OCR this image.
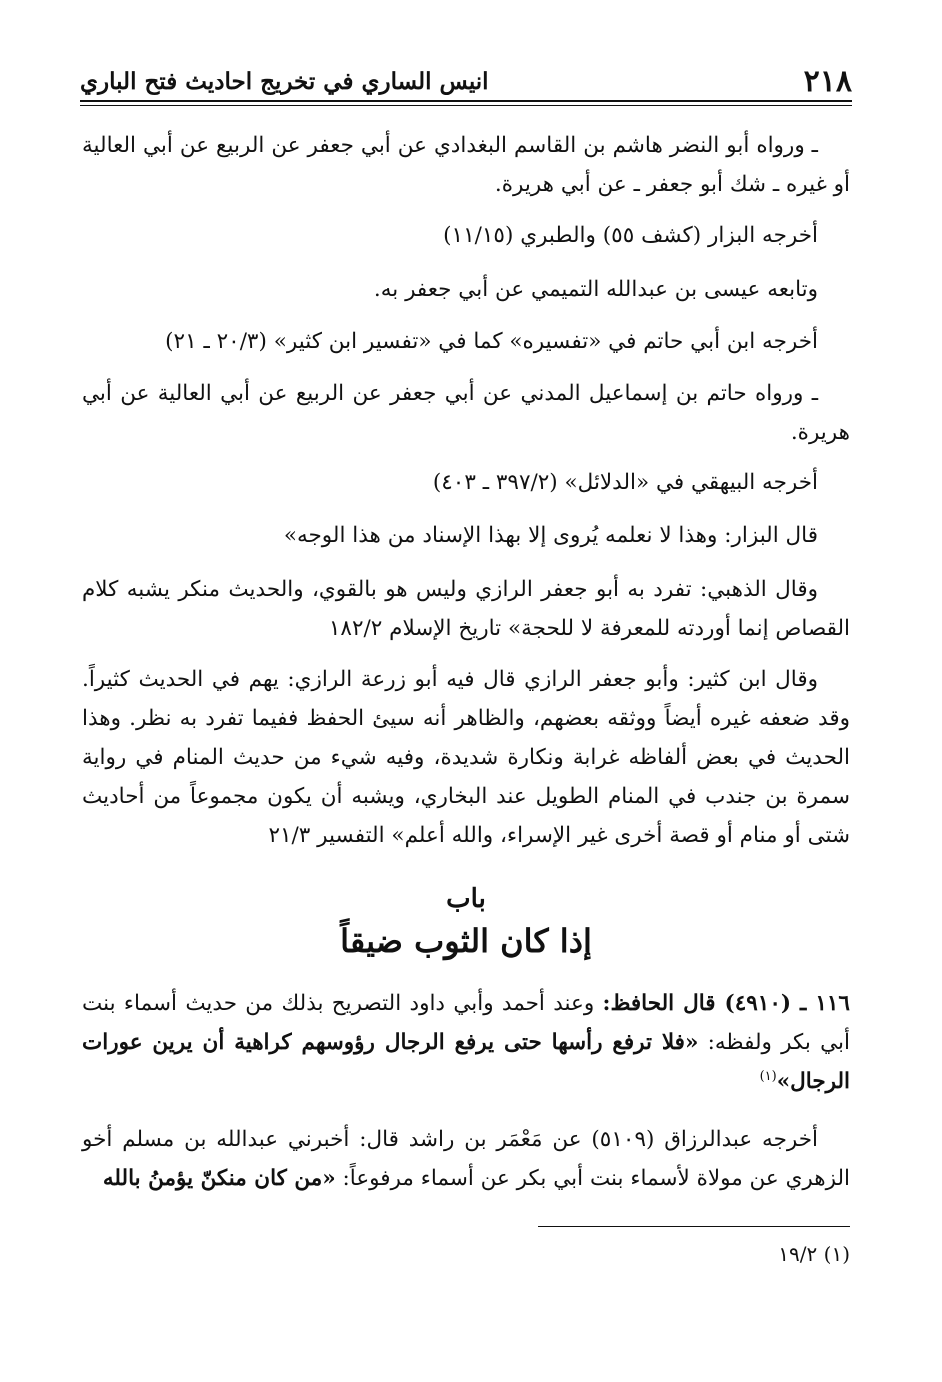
٢١٨
انيس الساري في تخريج احاديث فتح الباري

ـ ورواه أبو النضر هاشم بن القاسم البغدادي عن أبي جعفر عن الربيع عن أبي العالية أو غيره ـ شك أبو جعفر ـ عن أبي هريرة.

أخرجه البزار (كشف ٥٥) والطبري (١١/١٥)

وتابعه عيسى بن عبدالله التميمي عن أبي جعفر به.

أخرجه ابن أبي حاتم في «تفسيره» كما في «تفسير ابن كثير» (٢٠/٣ ـ ٢١)

ـ ورواه حاتم بن إسماعيل المدني عن أبي جعفر عن الربيع عن أبي العالية عن أبي هريرة.

أخرجه البيهقي في «الدلائل» (٣٩٧/٢ ـ ٤٠٣)

قال البزار: وهذا لا نعلمه يُروى إلا بهذا الإسناد من هذا الوجه»

وقال الذهبي: تفرد به أبو جعفر الرازي وليس هو بالقوي، والحديث منكر يشبه كلام القصاص إنما أوردته للمعرفة لا للحجة» تاريخ الإسلام ١٨٢/٢

وقال ابن كثير: وأبو جعفر الرازي قال فيه أبو زرعة الرازي: يهم في الحديث كثيراً. وقد ضعفه غيره أيضاً ووثقه بعضهم، والظاهر أنه سيئ الحفظ ففيما تفرد به نظر. وهذا الحديث في بعض ألفاظه غرابة ونكارة شديدة، وفيه شيء من حديث المنام في رواية سمرة بن جندب في المنام الطويل عند البخاري، ويشبه أن يكون مجموعاً من أحاديث شتى أو منام أو قصة أخرى غير الإسراء، والله أعلم» التفسير ٢١/٣

باب
إذا كان الثوب ضيقاً

١١٦ ـ (٤٩١٠) قال الحافظ: وعند أحمد وأبي داود التصريح بذلك من حديث أسماء بنت أبي بكر ولفظه: «فلا ترفع رأسها حتى يرفع الرجال رؤوسهم كراهية أن يرين عورات الرجال»$^{(١)}$

أخرجه عبدالرزاق (٥١٠٩) عن مَعْمَر بن راشد قال: أخبرني عبدالله بن مسلم أخو الزهري عن مولاة لأسماء بنت أبي بكر عن أسماء مرفوعاً: «من كان منكنّ يؤمنُ بالله

(١) ١٩/٢
